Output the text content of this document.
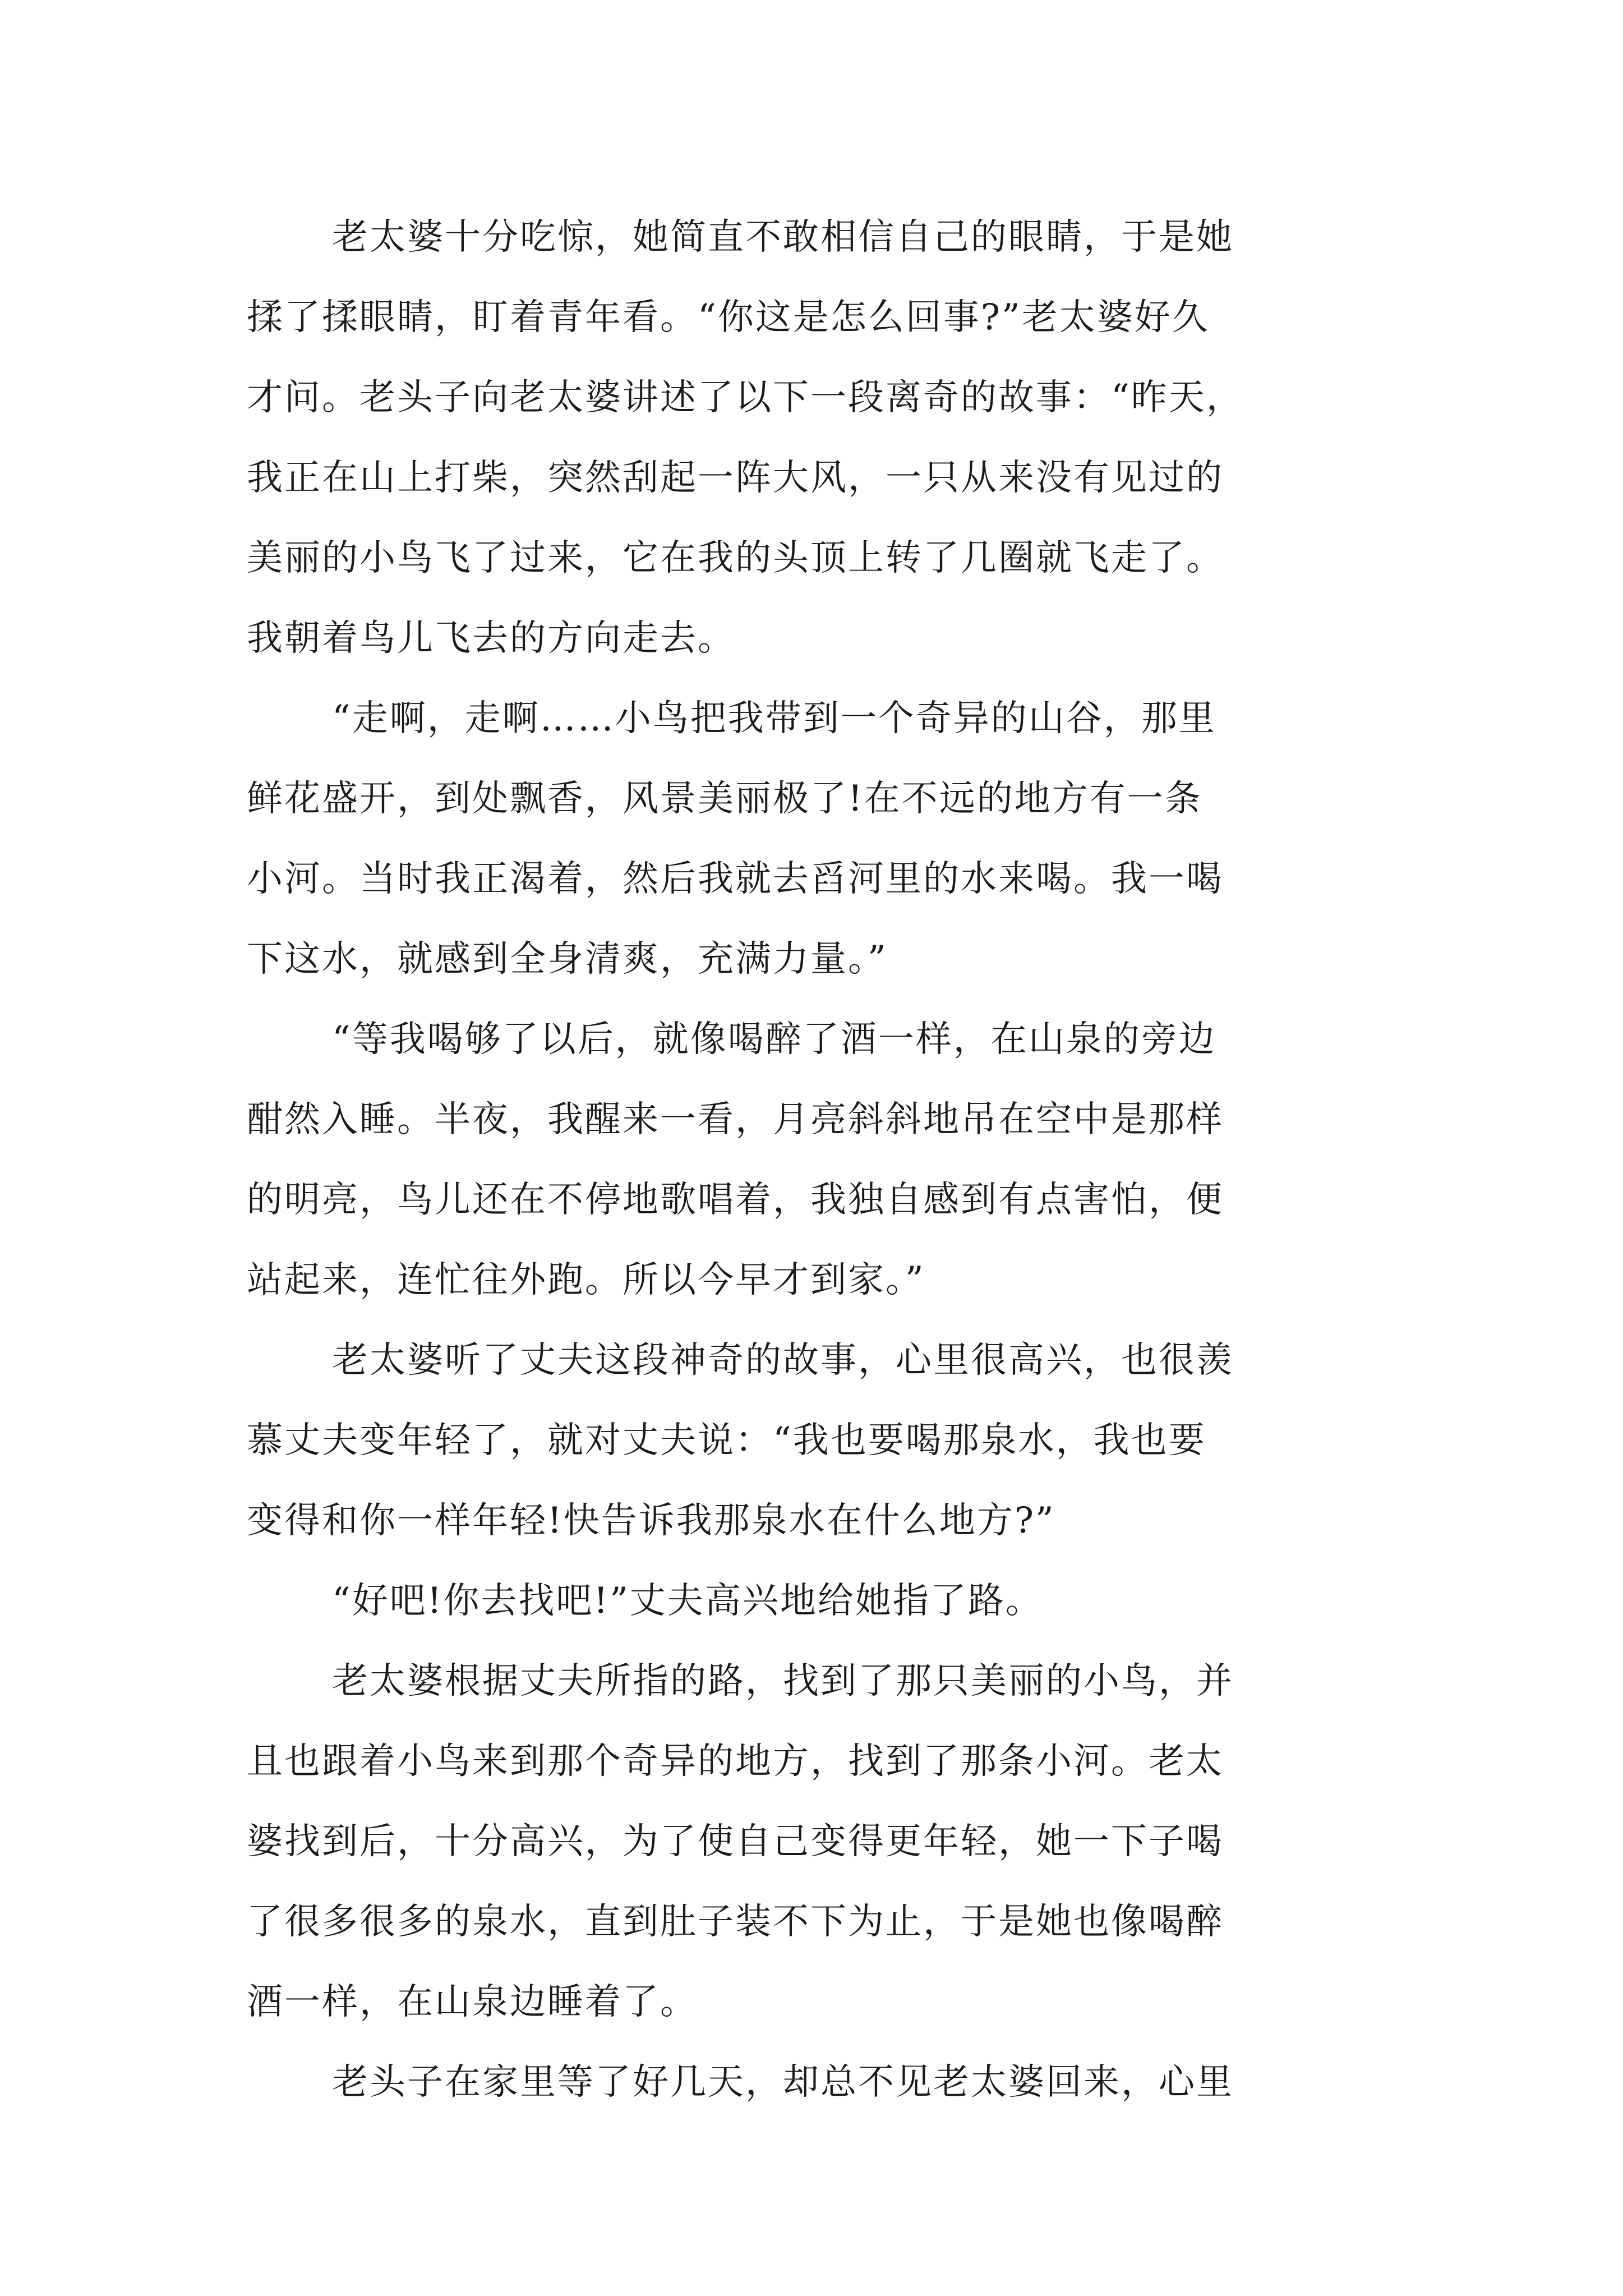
老太婆十分吃惊，她简直不敢相信自己的眼睛，于是她
揉了揉眼睛，盯着青年看。“你这是怎么回事?”老太婆好久
才问。老头子向老太婆讲述了以下一段离奇的故事：“昨天，
我正在山上打柴，突然刮起一阵大风，一只从来没有见过的
美丽的小鸟飞了过来，它在我的头顶上转了几圈就飞走了。
我朝着鸟儿飞去的方向走去。
“走啊，走啊……小鸟把我带到一个奇异的山谷，那里
鲜花盛开，到处飘香，风景美丽极了!在不远的地方有一条
小河。当时我正渴着，然后我就去舀河里的水来喝。我一喝
下这水，就感到全身清爽，充满力量。”
“等我喝够了以后，就像喝醉了酒一样，在山泉的旁边
酣然入睡。半夜，我醒来一看，月亮斜斜地吊在空中是那样
的明亮，鸟儿还在不停地歌唱着，我独自感到有点害怕，便
站起来，连忙往外跑。所以今早才到家。”
老太婆听了丈夫这段神奇的故事，心里很高兴，也很羡
慕丈夫变年轻了，就对丈夫说：“我也要喝那泉水，我也要
变得和你一样年轻!快告诉我那泉水在什么地方?”
“好吧!你去找吧!”丈夫高兴地给她指了路。
老太婆根据丈夫所指的路，找到了那只美丽的小鸟，并
且也跟着小鸟来到那个奇异的地方，找到了那条小河。老太
婆找到后，十分高兴，为了使自己变得更年轻，她一下子喝
了很多很多的泉水，直到肚子装不下为止，于是她也像喝醉
酒一样，在山泉边睡着了。
老头子在家里等了好几天，却总不见老太婆回来，心里
